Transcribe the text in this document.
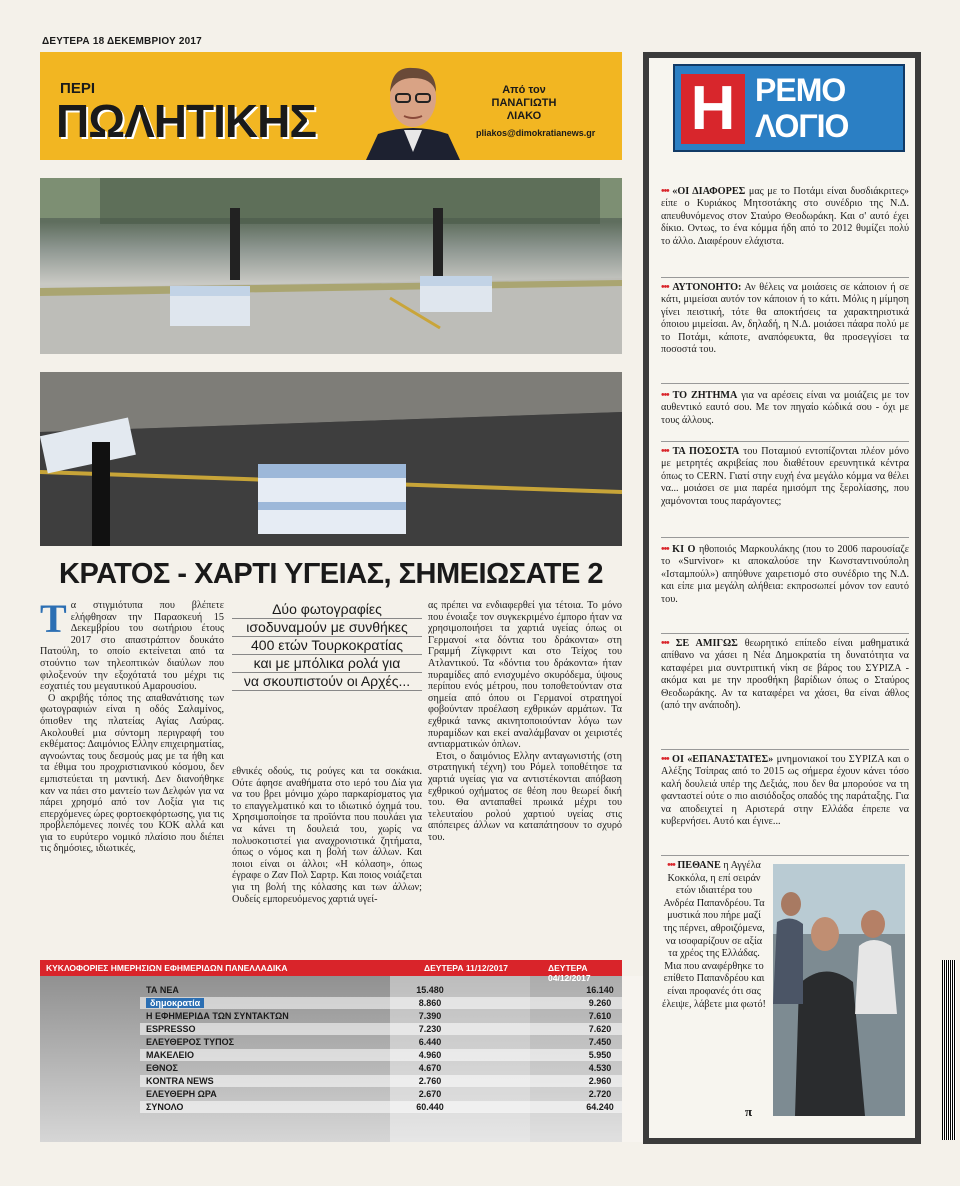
ΔΕΥΤΕΡΑ 18 ΔΕΚΕΜΒΡΙΟΥ 2017
ΠΕΡΙ
ΠΩΛΗΤΙΚΗΣ
Από τον
ΠΑΝΑΓΙΩΤΗ
ΛΙΑΚΟ
pliakos@dimokratianews.gr
ΚΡΑΤΟΣ - ΧΑΡΤΙ ΥΓΕΙΑΣ, ΣΗΜΕΙΩΣΑΤΕ 2
Τ α στιγμιότυπα που βλέπετε ελήφθησαν την Παρασκευή 15 Δεκεμβρίου του σωτήριου έτους 2017 στο απαστράπτον δουκάτο Πατούλη, το οποίο εκτείνεται από τα στούντιο των τηλεοπτικών διαύλων που φιλοξενούν την εξοχότατά του μέχρι τις εσχατιές του μεγαυτικού Αμαρουσίου.

Ο ακριβής τόπος της απαθανάτισης των φωτογραφιών είναι η οδός Σαλαμίνος, όπισθεν της πλατείας Αγίας Λαύρας. Ακολουθεί μια σύντομη περιγραφή του εκθέματος: Δαιμόνιος Ελλην επιχειρηματίας, αγνοώντας τους δεσμούς μας με τα ήθη και τα έθιμα του προχριστιανικού κόσμου, δεν εμπιστεύεται τη μαντική. Δεν διανοήθηκε καν να πάει στο μαντείο των Δελφών για να πάρει χρησμό από τον Λοξία για τις επερχόμενες ώρες φορτοεκφόρτωσης, για τις προβλεπόμενες ποινές του ΚΟΚ αλλά και για το ευρύτερο νομικό πλαίσιο που διέπει τις δημόσιες, ιδιωτικές,

Δύο φωτογραφίες
ισοδυναμούν με συνθήκες
400 ετών Τουρκοκρατίας
και με μπόλικα ρολά για
να σκουπιστούν οι Αρχές...
εθνικές οδούς, τις ρούγες και τα σοκάκια. Ούτε άφησε αναθήματα στο ιερό του Δία για να του βρει μόνιμο χώρο παρκαρίσματος για το επαγγελματικό και το ιδιωτικό όχημά του. Χρησιμοποίησε τα προϊόντα που πουλάει για να κάνει τη δουλειά του, χωρίς να πολυσκοτιστεί για αναχρονιστικά ζητήματα, όπως ο νόμος και η βολή των άλλων. Και ποιοι είναι οι άλλοι; «Η κόλαση», όπως έγραφε ο Ζαν Πολ Σαρτρ. Και ποιος νοιάζεται για τη βολή της κόλασης και των άλλων; Ουδείς εμπορευόμενος χαρτιά υγεί-
ας πρέπει να ενδιαφερθεί για τέτοια. Το μόνο που ένοιαξε τον συγκεκριμένο έμπορο ήταν να χρησιμοποιήσει τα χαρτιά υγείας όπως οι Γερμανοί «τα δόντια του δράκοντα» στη Γραμμή Ζίγκφριντ και στο Τείχος του Ατλαντικού. Τα «δόντια του δράκοντα» ήταν πυραμίδες από ενισχυμένο σκυρόδεμα, ύψους περίπου ενός μέτρου, που τοποθετούνταν στα σημεία από όπου οι Γερμανοί στρατηγοί φοβούνταν προέλαση εχθρικών αρμάτων. Τα εχθρικά τανκς ακινητοποιούνταν λόγω των πυραμίδων και εκεί αναλάμβαναν οι χειριστές αντιαρματικών όπλων.

Ετσι, ο δαιμόνιος Ελλην ανταγωνιστής (στη στρατηγική τέχνη) του Ρόμελ τοποθέτησε τα χαρτιά υγείας για να αντιστέκονται απόβαση εχθρικού οχήματος σε θέση που θεωρεί δική του. Θα ανταπαθεί πρωικά μέχρι του τελευταίου ρολού χαρτιού υγείας στις απόπειρες άλλων να καταπάτησουν το σχυρό του.

ΚΥΚΛΟΦΟΡΙΕΣ ΗΜΕΡΗΣΙΩΝ ΕΦΗΜΕΡΙΔΩΝ ΠΑΝΕΛΛΑΔΙΚΑ	ΔΕΥΤΕΡΑ 11/12/2017	ΔΕΥΤΕΡΑ 04/12/2017
ΤΑ ΝΕΑ	15.480	16.140
δημοκρατία	8.860	9.260
Η ΕΦΗΜΕΡΙΔΑ ΤΩΝ ΣΥΝΤΑΚΤΩΝ	7.390	7.610
ESPRESSO	7.230	7.620
ΕΛΕΥΘΕΡΟΣ ΤΥΠΟΣ	6.440	7.450
ΜΑΚΕΛΕΙΟ	4.960	5.950
ΕΘΝΟΣ	4.670	4.530
KONTRA NEWS	2.760	2.960
ΕΛΕΥΘΕΡΗ ΩΡΑ	2.670	2.720
ΣΥΝΟΛΟ	60.440	64.240
Η ΡΕΜΟ
ΛΟΓΙΟ
••• «ΟΙ ΔΙΑΦΟΡΕΣ μας με το Ποτάμι είναι δυσδιάκριτες» είπε ο Κυριάκος Μητσοτάκης στο συνέδριο της Ν.Δ. απευθυνόμενος στον Σταύρο Θεοδωράκη. Και σ' αυτό έχει δίκιο. Οντως, το ένα κόμμα ήδη από το 2012 θυμίζει πολύ το άλλο. Διαφέρουν ελάχιστα.
••• ΑΥΤΟΝΟΗΤΟ: Αν θέλεις να μοιάσεις σε κάποιον ή σε κάτι, μιμείσαι αυτόν τον κάποιον ή το κάτι. Μόλις η μίμηση γίνει πειστική, τότε θα αποκτήσεις τα χαρακτηριστικά όποιου μιμείσαι. Αν, δηλαδή, η Ν.Δ. μοιάσει πάαρα πολύ με το Ποτάμι, κάποτε, αναπόφευκτα, θα προσεγγίσει τα ποσοστά του.
••• ΤΟ ΖΗΤΗΜΑ για να αρέσεις είναι να μοιάζεις με τον αυθεντικό εαυτό σου. Με τον πηγαίο κώδικά σου - όχι με τους άλλους.
••• ΤΑ ΠΟΣΟΣΤΑ του Ποταμιού εντοπίζονται πλέον μόνο με μετρητές ακριβείας που διαθέτουν ερευνητικά κέντρα όπως το CERN. Γιατί στην ευχή ένα μεγάλο κόμμα να θέλει να... μοιάσει σε μια παρέα ημισόμπ της ξερολίασης, που χαμόνονται τους παράγοντες;
••• ΚΙ Ο ηθοποιός Μαρκουλάκης (που το 2006 παρουσίαζε το «Survivor» κι αποκαλούσε την Κωνσταντινούπολη «Ισταμπούλ») απηύθυνε χαιρετισμό στο συνέδριο της Ν.Δ. και είπε μια μεγάλη αλήθεια: εκπροσωπεί μόνον τον εαυτό του.
••• ΣΕ ΑΜΙΓΩΣ θεωρητικό επίπεδο είναι μαθηματικά απίθανο να χάσει η Νέα Δημοκρατία τη δυνατότητα να καταφέρει μια συντριπτική νίκη σε βάρος του ΣΥΡΙΖΑ - ακόμα και με την προσθήκη βαρίδιων όπως ο Σταύρος Θεοδωράκης. Αν τα καταφέρει να χάσει, θα είναι άθλος (από την ανάποδη).
••• ΟΙ «ΕΠΑΝΑΣΤΑΤΕΣ» μνημονιακοί του ΣΥΡΙΖΑ και ο Αλέξης Τσίπρας από το 2015 ως σήμερα έχουν κάνει τόσο καλή δουλειά υπέρ της Δεξιάς, που δεν θα μπορούσε να τη φανταστεί ούτε ο πιο αισιόδοξος οπαδός της παράταξης. Για να αποδειχτεί η Αριστερά στην Ελλάδα έπρεπε να κυβερνήσει. Αυτό και έγινε...
••• ΠΕΘΑΝΕ η Αγγέλα Κοκκόλα, η επί σειράν ετών ιδιαιτέρα του Ανδρέα Παπανδρέου. Τα μυστικά που πήρε μαζί της πέρνει, αθροιζόμενα, να ισοφαρίζουν σε αξία τα χρέος της Ελλάδας. Μια που αναφέρθηκε το επίθετο Παπανδρέου και είναι προφανές ότι σας έλειψε, λάβετε μια φωτό!
π
